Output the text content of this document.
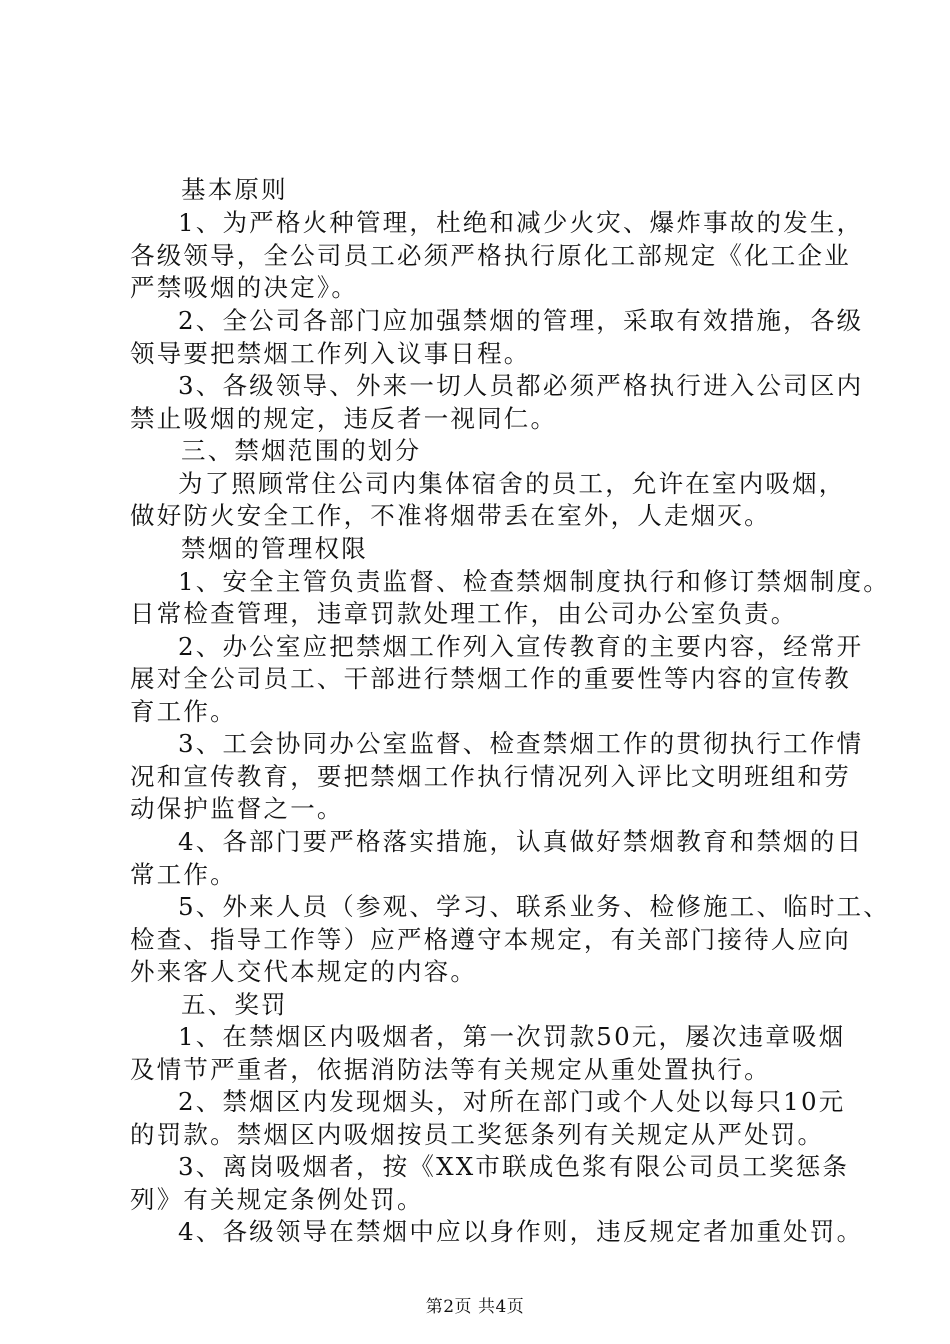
基本原则
1、为严格火种管理，杜绝和减少火灾、爆炸事故的发生，
各级领导，全公司员工必须严格执行原化工部规定《化工企业
严禁吸烟的决定》。
2、全公司各部门应加强禁烟的管理，采取有效措施，各级
领导要把禁烟工作列入议事日程。
3、各级领导、外来一切人员都必须严格执行进入公司区内
禁止吸烟的规定，违反者一视同仁。
三、禁烟范围的划分
为了照顾常住公司内集体宿舍的员工，允许在室内吸烟，
做好防火安全工作，不准将烟带丢在室外，人走烟灭。
禁烟的管理权限
1、安全主管负责监督、检查禁烟制度执行和修订禁烟制度。
日常检查管理，违章罚款处理工作，由公司办公室负责。
2、办公室应把禁烟工作列入宣传教育的主要内容，经常开
展对全公司员工、干部进行禁烟工作的重要性等内容的宣传教
育工作。
3、工会协同办公室监督、检查禁烟工作的贯彻执行工作情
况和宣传教育，要把禁烟工作执行情况列入评比文明班组和劳
动保护监督之一。
4、各部门要严格落实措施，认真做好禁烟教育和禁烟的日
常工作。
5、外来人员（参观、学习、联系业务、检修施工、临时工、
检查、指导工作等）应严格遵守本规定，有关部门接待人应向
外来客人交代本规定的内容。
五、奖罚
1、在禁烟区内吸烟者，第一次罚款50元，屡次违章吸烟
及情节严重者，依据消防法等有关规定从重处置执行。
2、禁烟区内发现烟头，对所在部门或个人处以每只10元
的罚款。禁烟区内吸烟按员工奖惩条列有关规定从严处罚。
3、离岗吸烟者，按《XX市联成色浆有限公司员工奖惩条
列》有关规定条例处罚。
4、各级领导在禁烟中应以身作则，违反规定者加重处罚。
第2页 共4页
